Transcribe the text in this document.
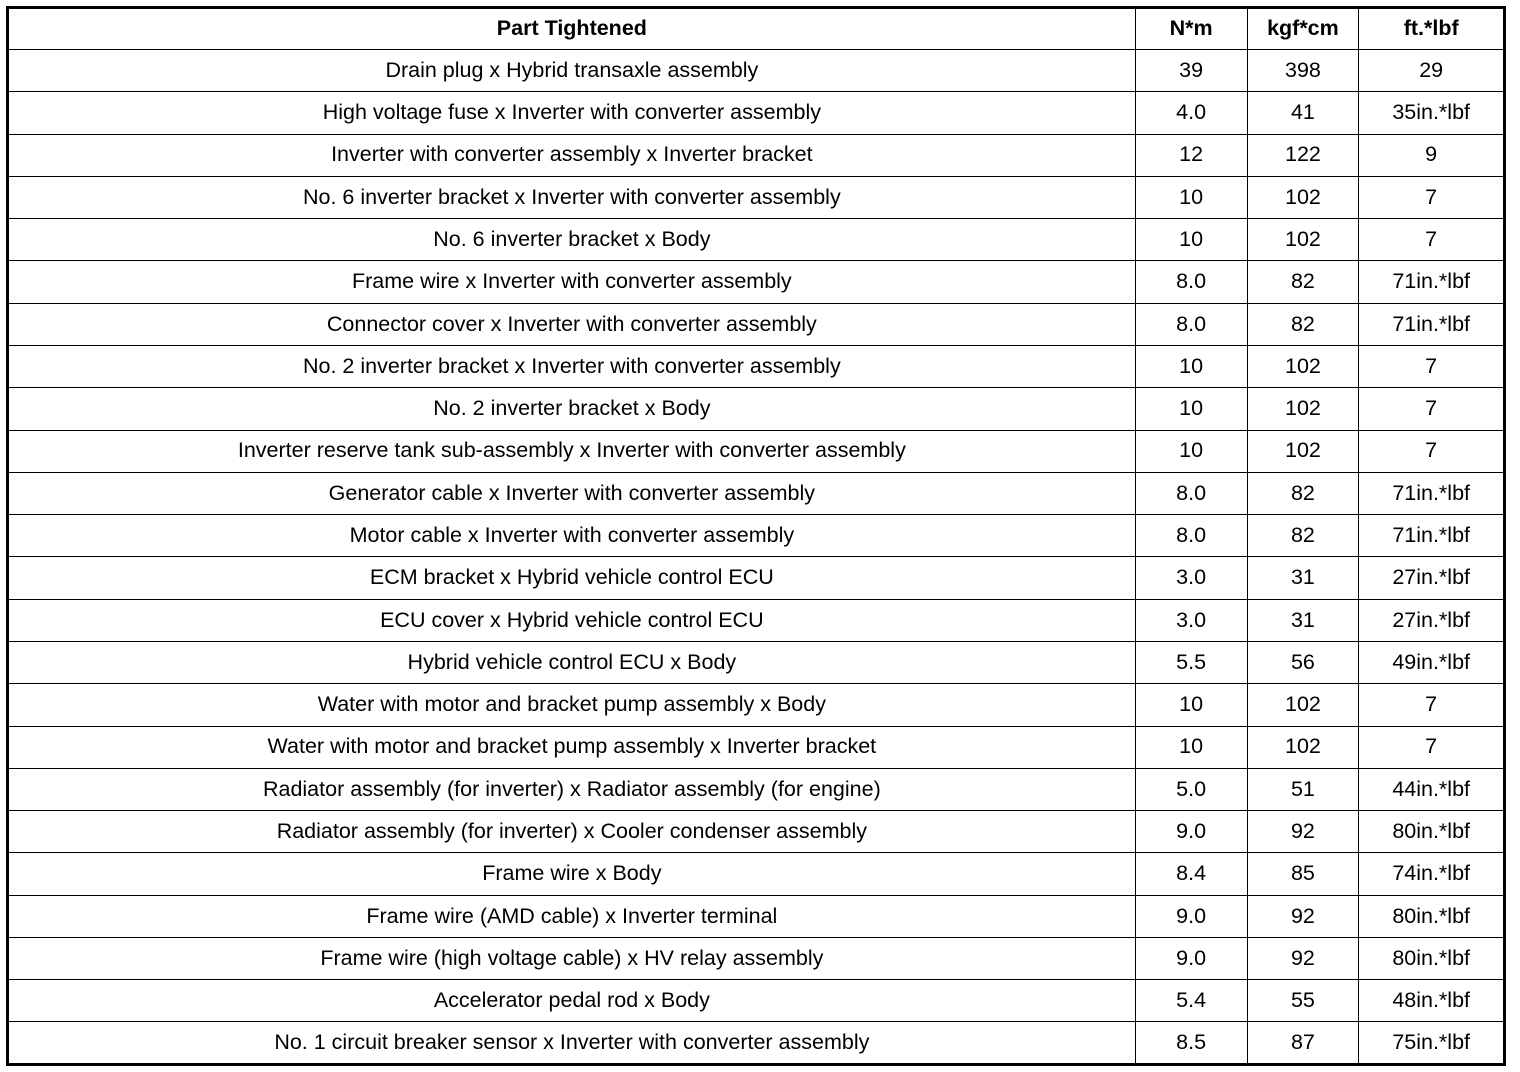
Part Tightened	N*m	kgf*cm	ft.*lbf
Drain plug x Hybrid transaxle assembly	39	398	29
High voltage fuse x Inverter with converter assembly	4.0	41	35in.*lbf
Inverter with converter assembly x Inverter bracket	12	122	9
No. 6 inverter bracket x Inverter with converter assembly	10	102	7
No. 6 inverter bracket x Body	10	102	7
Frame wire x Inverter with converter assembly	8.0	82	71in.*lbf
Connector cover x Inverter with converter assembly	8.0	82	71in.*lbf
No. 2 inverter bracket x Inverter with converter assembly	10	102	7
No. 2 inverter bracket x Body	10	102	7
Inverter reserve tank sub-assembly x Inverter with converter assembly	10	102	7
Generator cable x Inverter with converter assembly	8.0	82	71in.*lbf
Motor cable x Inverter with converter assembly	8.0	82	71in.*lbf
ECM bracket x Hybrid vehicle control ECU	3.0	31	27in.*lbf
ECU cover x Hybrid vehicle control ECU	3.0	31	27in.*lbf
Hybrid vehicle control ECU x Body	5.5	56	49in.*lbf
Water with motor and bracket pump assembly x Body	10	102	7
Water with motor and bracket pump assembly x Inverter bracket	10	102	7
Radiator assembly (for inverter) x Radiator assembly (for engine)	5.0	51	44in.*lbf
Radiator assembly (for inverter) x Cooler condenser assembly	9.0	92	80in.*lbf
Frame wire x Body	8.4	85	74in.*lbf
Frame wire (AMD cable) x Inverter terminal	9.0	92	80in.*lbf
Frame wire (high voltage cable) x HV relay assembly	9.0	92	80in.*lbf
Accelerator pedal rod x Body	5.4	55	48in.*lbf
No. 1 circuit breaker sensor x Inverter with converter assembly	8.5	87	75in.*lbf
